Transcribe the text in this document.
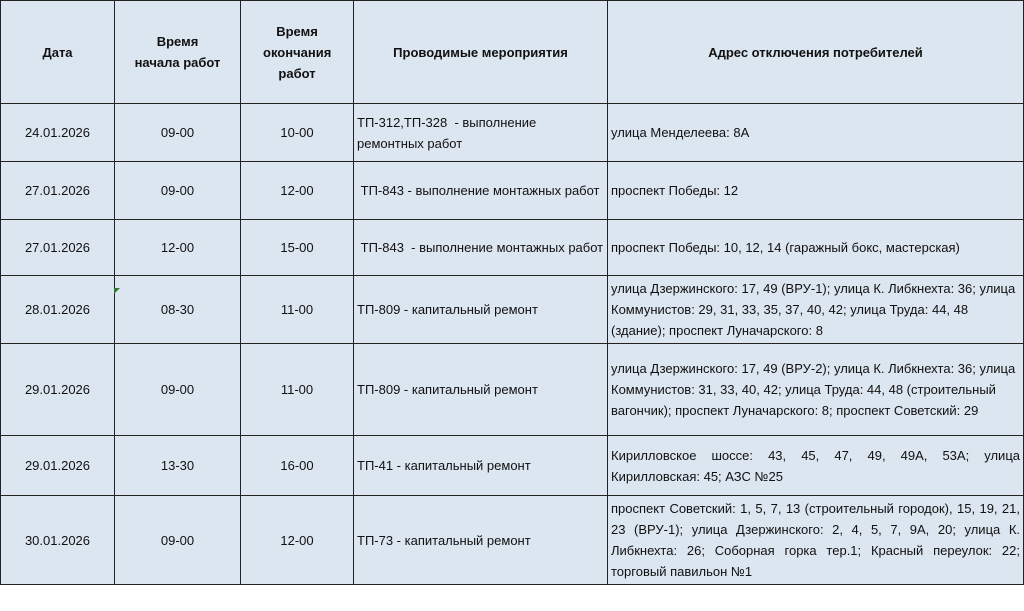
Дата	Время начала работ	Время окончания работ	Проводимые мероприятия	Адрес отключения потребителей
24.01.2026	09-00	10-00	ТП-312,ТП-328  - выполнение ремонтных работ	улица Менделеева: 8А
27.01.2026	09-00	12-00	ТП-843 - выполнение монтажных работ	проспект Победы: 12
27.01.2026	12-00	15-00	ТП-843  - выполнение монтажных работ	проспект Победы: 10, 12, 14 (гаражный бокс, мастерская)
28.01.2026	08-30	11-00	ТП-809 - капитальный ремонт	улица Дзержинского: 17, 49 (ВРУ-1); улица К. Либкнехта: 36; улица Коммунистов: 29, 31, 33, 35, 37, 40, 42; улица Труда: 44, 48 (здание); проспект Луначарского: 8
29.01.2026	09-00	11-00	ТП-809 - капитальный ремонт	улица Дзержинского: 17, 49 (ВРУ-2); улица К. Либкнехта: 36; улица Коммунистов: 31, 33, 40, 42; улица Труда: 44, 48 (строительный вагончик); проспект Луначарского: 8; проспект Советский: 29
29.01.2026	13-30	16-00	ТП-41 - капитальный ремонт	Кирилловское шоссе: 43, 45, 47, 49, 49А, 53А; улица Кирилловская: 45; АЗС №25
30.01.2026	09-00	12-00	ТП-73 - капитальный ремонт	проспект Советский: 1, 5, 7, 13 (строительный городок), 15, 19, 21, 23 (ВРУ-1); улица Дзержинского: 2, 4, 5, 7, 9А, 20; улица К. Либкнехта: 26; Соборная горка тер.1; Красный переулок: 22; торговый павильон №1
